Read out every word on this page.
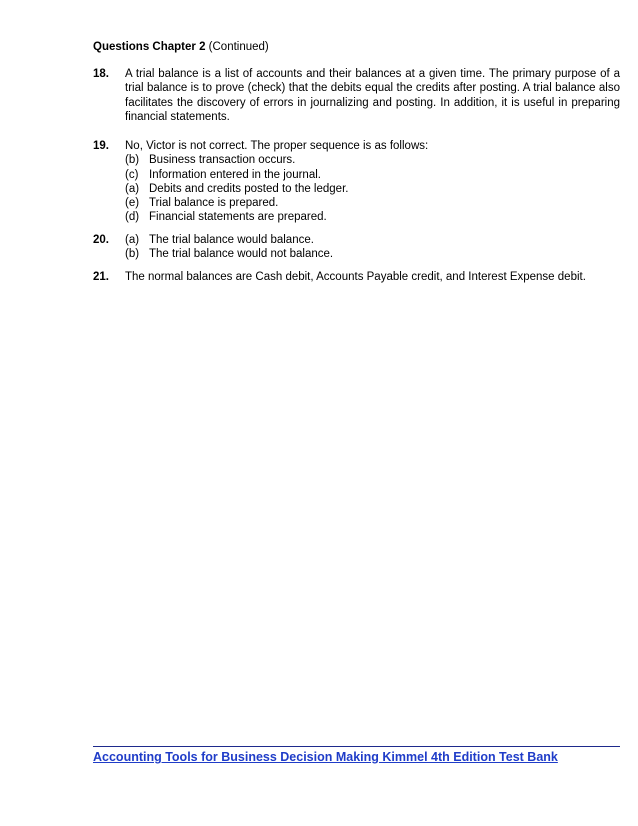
Questions Chapter 2 (Continued)
18. A trial balance is a list of accounts and their balances at a given time. The primary purpose of a trial balance is to prove (check) that the debits equal the credits after posting. A trial balance also facilitates the discovery of errors in journalizing and posting. In addition, it is useful in preparing financial statements.
19. No, Victor is not correct. The proper sequence is as follows:
(b) Business transaction occurs.
(c) Information entered in the journal.
(a) Debits and credits posted to the ledger.
(e) Trial balance is prepared.
(d) Financial statements are prepared.
20. (a) The trial balance would balance.
(b) The trial balance would not balance.
21. The normal balances are Cash debit, Accounts Payable credit, and Interest Expense debit.
Accounting Tools for Business Decision Making Kimmel 4th Edition Test Bank
